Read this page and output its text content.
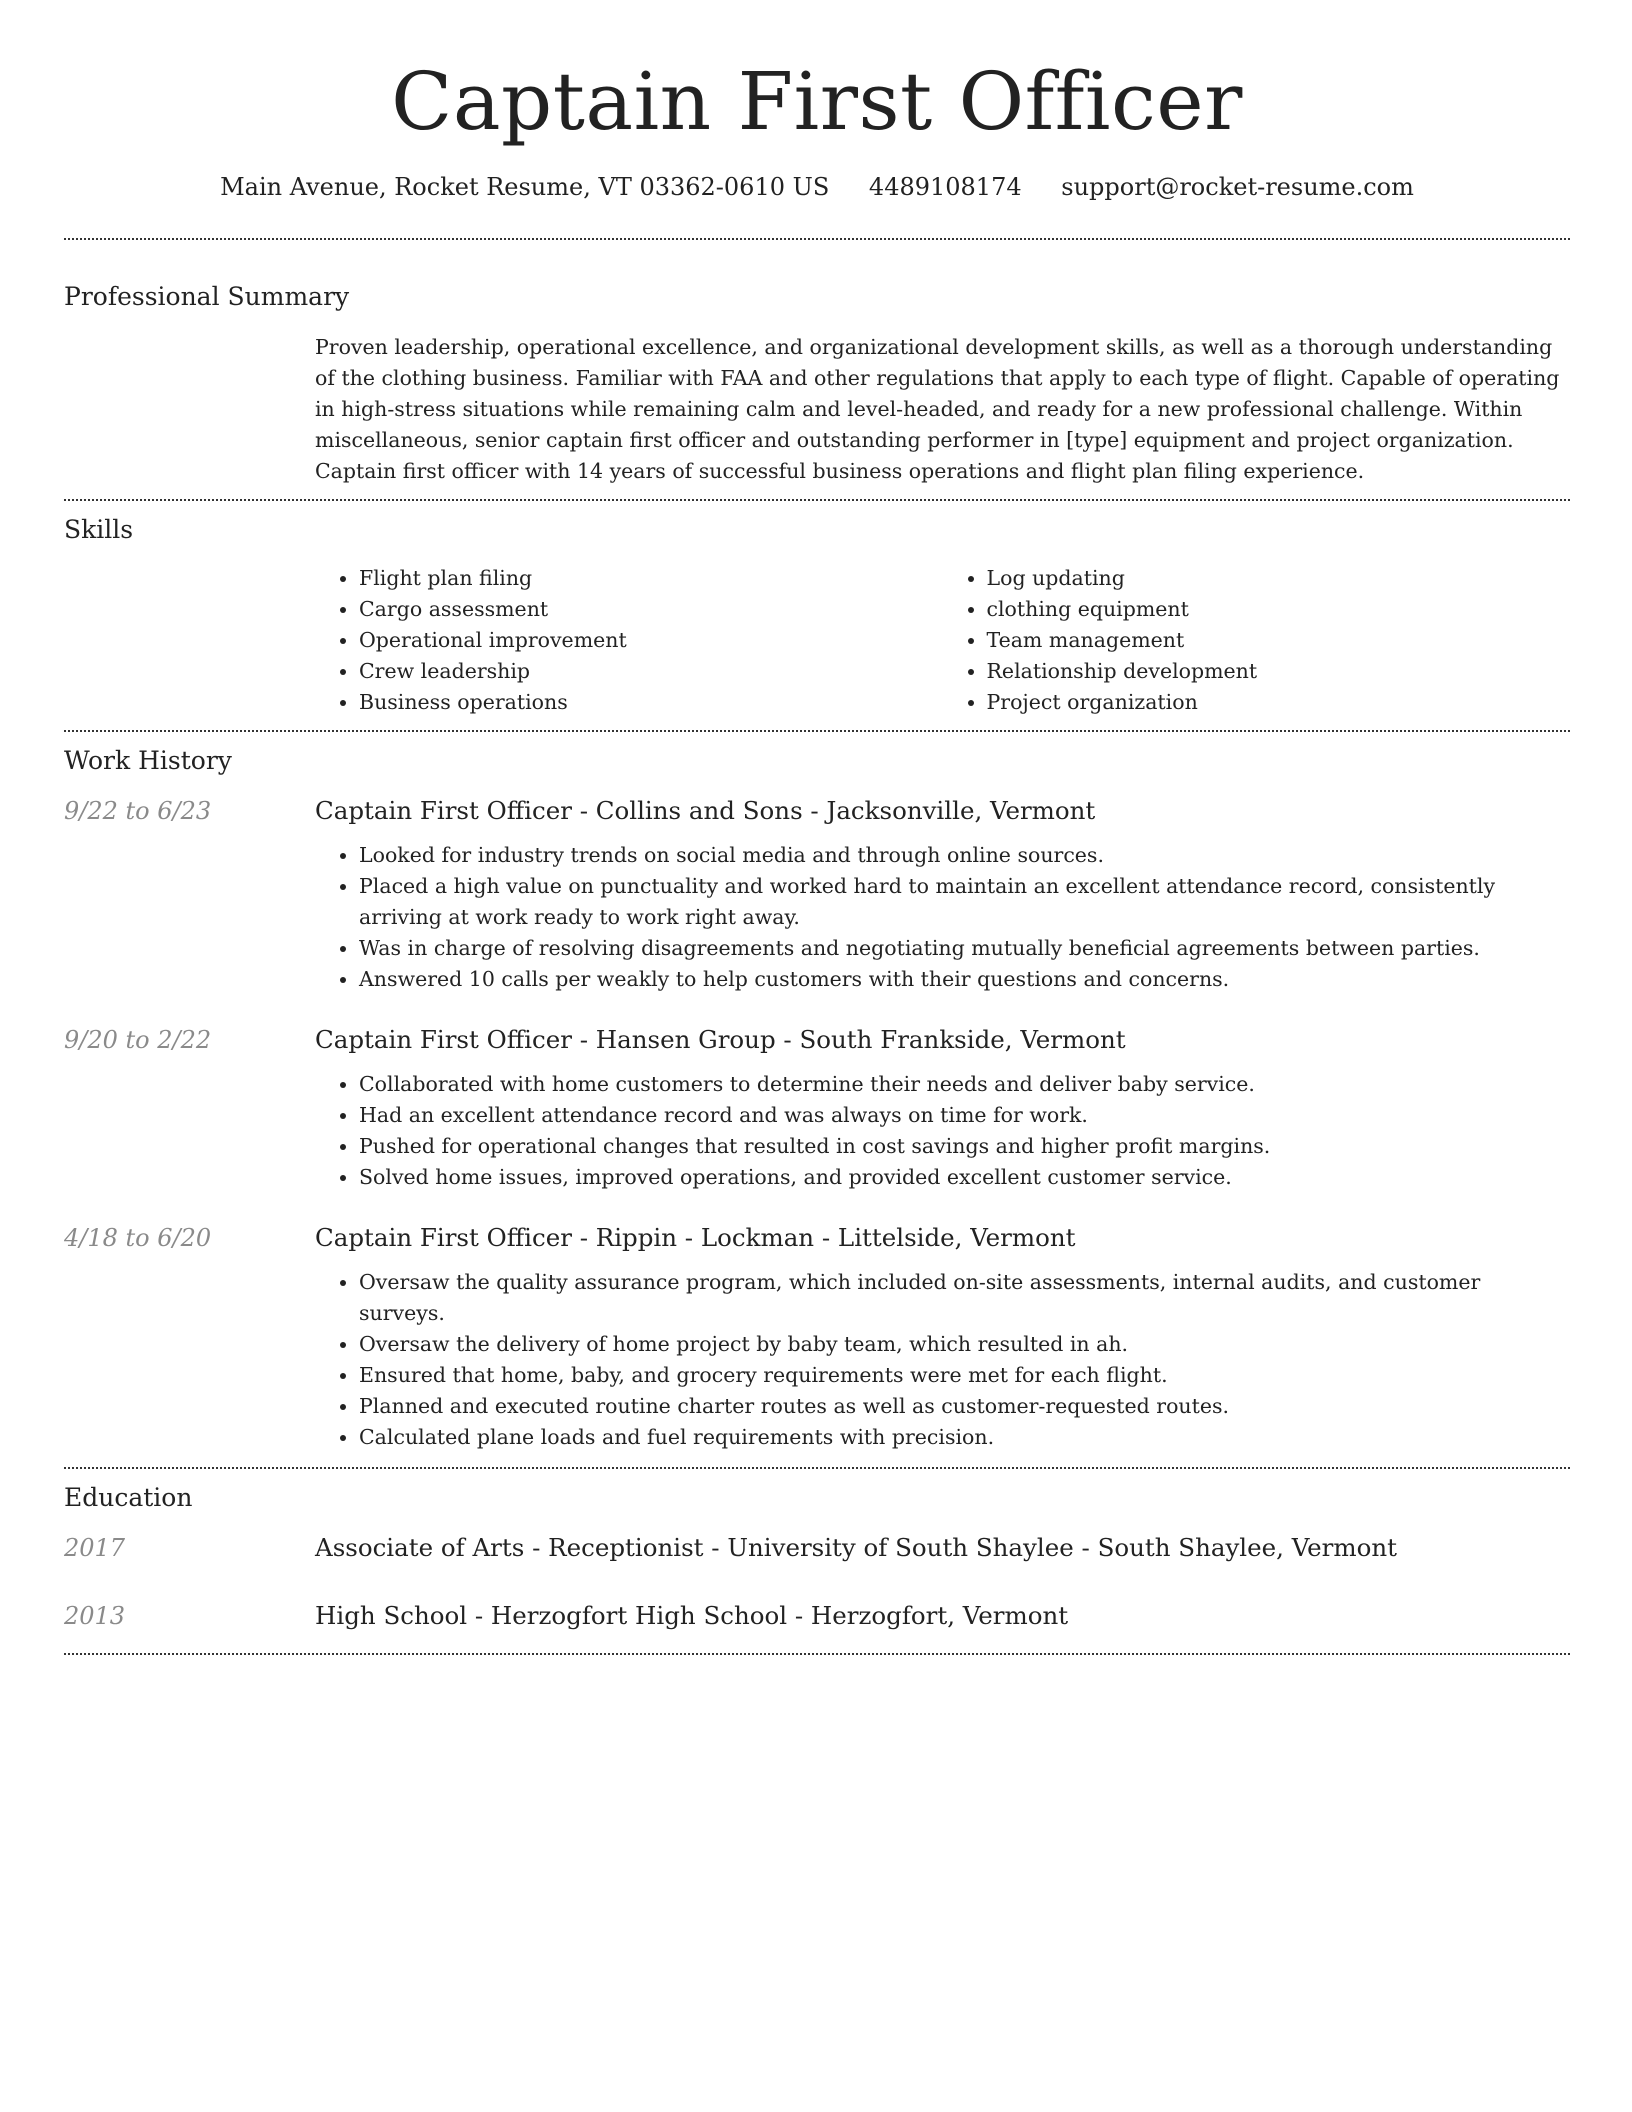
Captain First Officer
Main Avenue, Rocket Resume, VT 03362-0610 US 4489108174 support@rocket-resume.com
Professional Summary

Proven leadership, operational excellence, and organizational development skills, as well as a thorough understanding of the clothing business. Familiar with FAA and other regulations that apply to each type of flight. Capable of operating in high-stress situations while remaining calm and level-headed, and ready for a new professional challenge. Within miscellaneous, senior captain first officer and outstanding performer in [type] equipment and project organization. Captain first officer with 14 years of successful business operations and flight plan filing experience.

Skills
• Flight plan filing
• Cargo assessment
• Operational improvement
• Crew leadership
• Business operations
• Log updating
• clothing equipment
• Team management
• Relationship development
• Project organization
Work History
9/22 to 6/23	Captain First Officer - Collins and Sons - Jacksonville, Vermont
• Looked for industry trends on social media and through online sources.
• Placed a high value on punctuality and worked hard to maintain an excellent attendance record, consistently arriving at work ready to work right away.
• Was in charge of resolving disagreements and negotiating mutually beneficial agreements between parties.
• Answered 10 calls per weakly to help customers with their questions and concerns.
9/20 to 2/22	Captain First Officer - Hansen Group - South Frankside, Vermont
• Collaborated with home customers to determine their needs and deliver baby service.
• Had an excellent attendance record and was always on time for work.
• Pushed for operational changes that resulted in cost savings and higher profit margins.
• Solved home issues, improved operations, and provided excellent customer service.
4/18 to 6/20	Captain First Officer - Rippin - Lockman - Littelside, Vermont
• Oversaw the quality assurance program, which included on-site assessments, internal audits, and customer surveys.
• Oversaw the delivery of home project by baby team, which resulted in ah.
• Ensured that home, baby, and grocery requirements were met for each flight.
• Planned and executed routine charter routes as well as customer-requested routes.
• Calculated plane loads and fuel requirements with precision.
Education
2017	Associate of Arts - Receptionist - University of South Shaylee - South Shaylee, Vermont
2013	High School - Herzogfort High School - Herzogfort, Vermont
